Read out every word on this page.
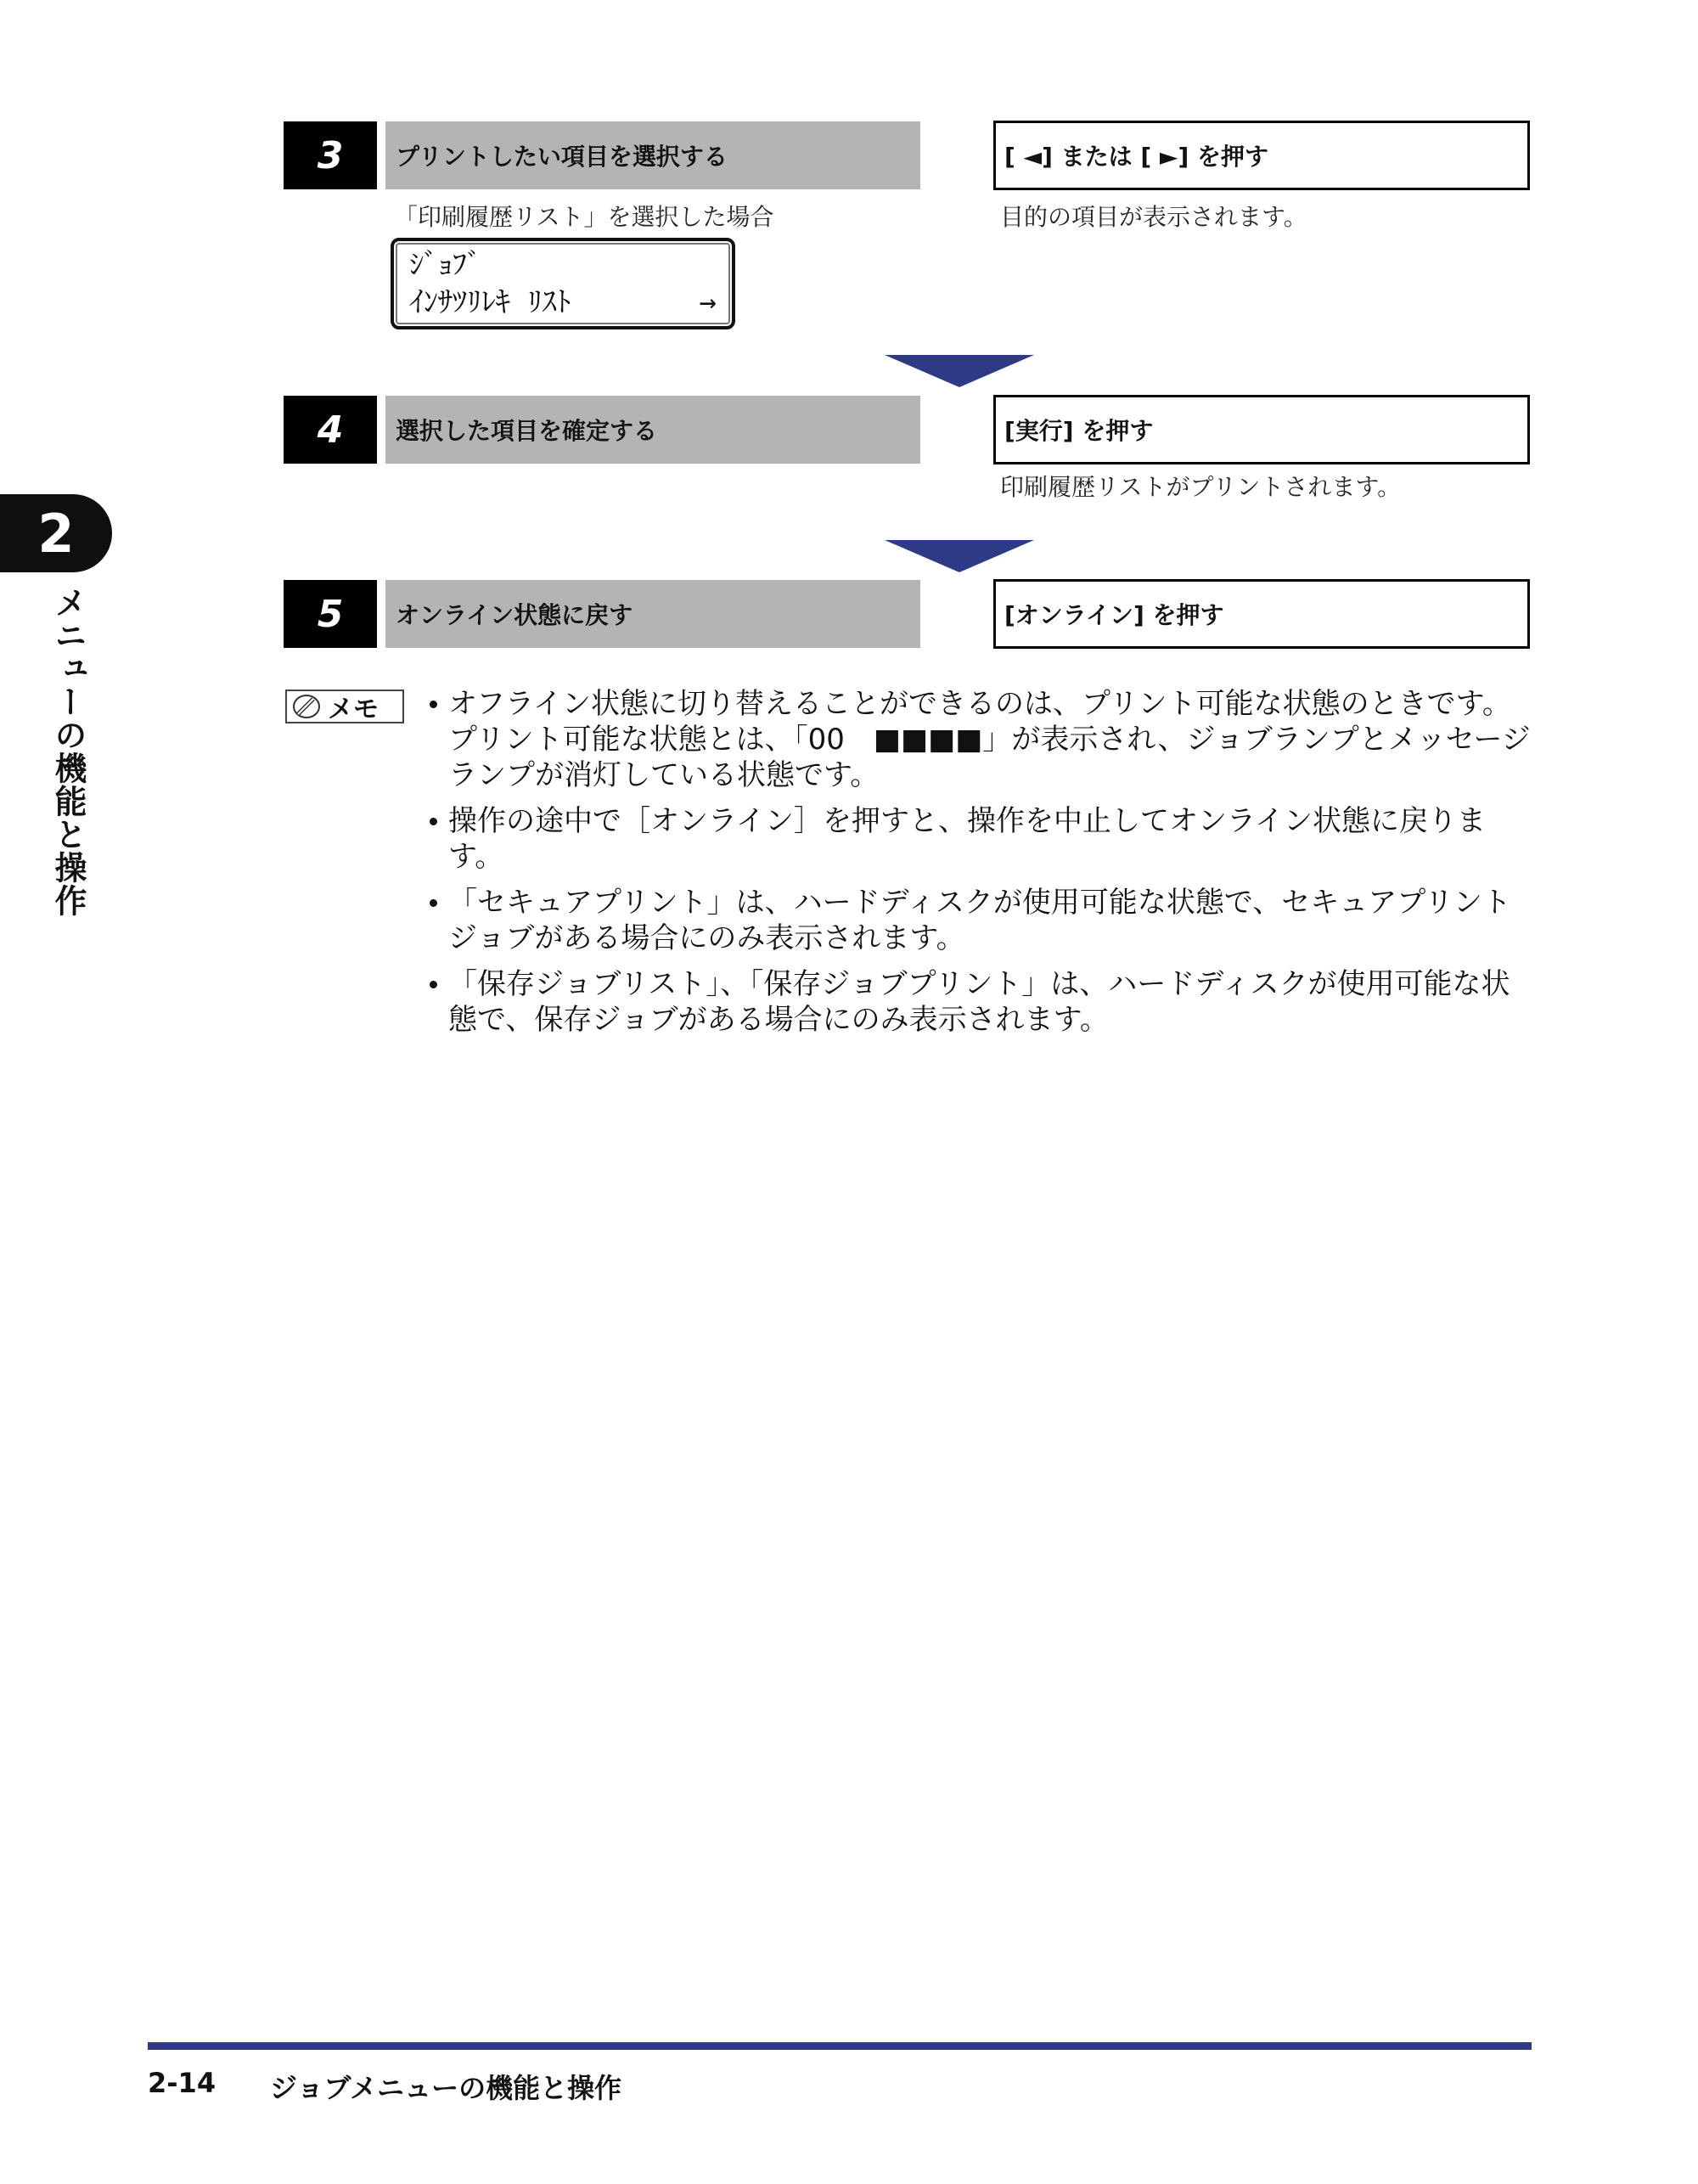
2
メニューの機能と操作
3	プリントしたい項目を選択する	[ ◄] または [ ►] を押す
「印刷履歴リスト」を選択した場合	目的の項目が表示されます。
ｼﾞｮﾌﾞ
ｲﾝｻﾂﾘﾚｷ ﾘｽﾄ	→
4	選択した項目を確定する	[実行] を押す
印刷履歴リストがプリントされます。
5	オンライン状態に戻す	[オンライン] を押す
メモ	オフライン状態に切り替えることができるのは、プリント可能な状態のときです。プリント可能な状態とは、「00　■■■■」が表示され、ジョブランプとメッセージランプが消灯している状態です。
操作の途中で［オンライン］を押すと、操作を中止してオンライン状態に戻ります。
「セキュアプリント」は、ハードディスクが使用可能な状態で、セキュアプリントジョブがある場合にのみ表示されます。
「保存ジョブリスト」、「保存ジョブプリント」は、ハードディスクが使用可能な状態で、保存ジョブがある場合にのみ表示されます。
2-14 ジョブメニューの機能と操作
